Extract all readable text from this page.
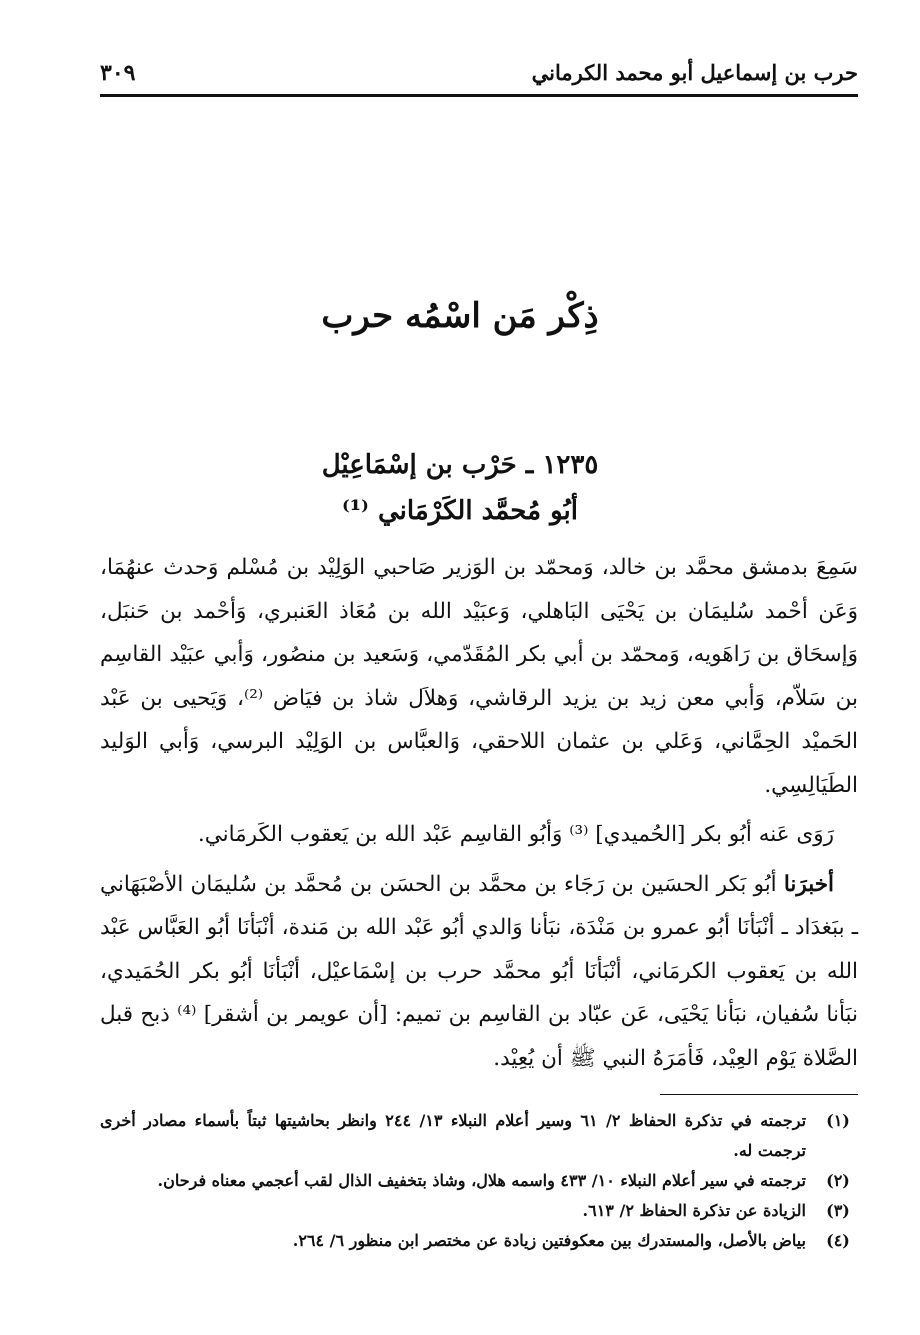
حرب بن إسماعيل أبو محمد الكرماني
٣٠٩
ذِكْر مَن اسْمُه حرب
١٢٣٥ ـ حَرْب بن إسْمَاعِيْل
أبُو مُحمَّد الكَرْمَاني ⁽¹⁾

سَمِعَ بدمشق محمَّد بن خالد، وَمحمّد بن الوَزير صَاحبي الوَلِيْد بن مُسْلم وَحدث عنهُمَا، وَعَن أحْمد سُليمَان بن يَحْيَى البَاهلي، وَعبَيْد الله بن مُعَاذ العَنبري، وَأحْمد بن حَنبَل، وَإسحَاق بن رَاهَويه، وَمحمّد بن أبي بكر المُقَدّمي، وَسَعيد بن منصُور، وَأبي عبَيْد القاسِم بن سَلاّم، وَأبي معن زيد بن يزيد الرقاشي، وَهلاَل شاذ بن فيَاض ⁽²⁾، وَيَحيى بن عَبْد الحَميْد الحِمَّاني، وَعَلي بن عثمان اللاحقي، وَالعبَّاس بن الوَلِيْد البرسي، وَأبي الوَليد الطَيَالِسِي.

رَوَى عَنه أبُو بكر [الحُميدي] ⁽³⁾ وَأبُو القاسِم عَبْد الله بن يَعقوب الكَرمَاني.

أخبرَنا أبُو بَكر الحسَين بن رَجَاء بن محمَّد بن الحسَن بن مُحمَّد بن سُليمَان الأصْبَهَاني ـ ببَغدَاد ـ أنْبَأنَا أبُو عمرو بن مَنْدَة، نبَأنا وَالدي أبُو عَبْد الله بن مَندة، أنْبَأنَا أبُو العَبَّاس عَبْد الله بن يَعقوب الكرمَاني، أنْبَأنَا أبُو محمَّد حرب بن إسْمَاعيْل، أنْبَأنَا أبُو بكر الحُمَيدي، نبَأنا سُفيان، نبَأنا يَحْيَى، عَن عبّاد بن القاسِم بن تميم: [أن عويمر بن أشقر] ⁽⁴⁾ ذبح قبل الصَّلاة يَوْم العِيْد، فَأمَرَهُ النبي ﷺ أن يُعِيْد.

(١)
ترجمته في تذكرة الحفاظ ٢/ ٦١ وسير أعلام النبلاء ١٣/ ٢٤٤ وانظر بحاشيتها ثبتاً بأسماء مصادر أخرى ترجمت له.

(٢)
ترجمته في سير أعلام النبلاء ١٠/ ٤٣٣ واسمه هلال، وشاذ بتخفيف الذال لقب أعجمي معناه فرحان.

(٣)
الزيادة عن تذكرة الحفاظ ٢/ ٦١٣.

(٤)
بياض بالأصل، والمستدرك بين معكوفتين زيادة عن مختصر ابن منظور ٦/ ٢٦٤.
